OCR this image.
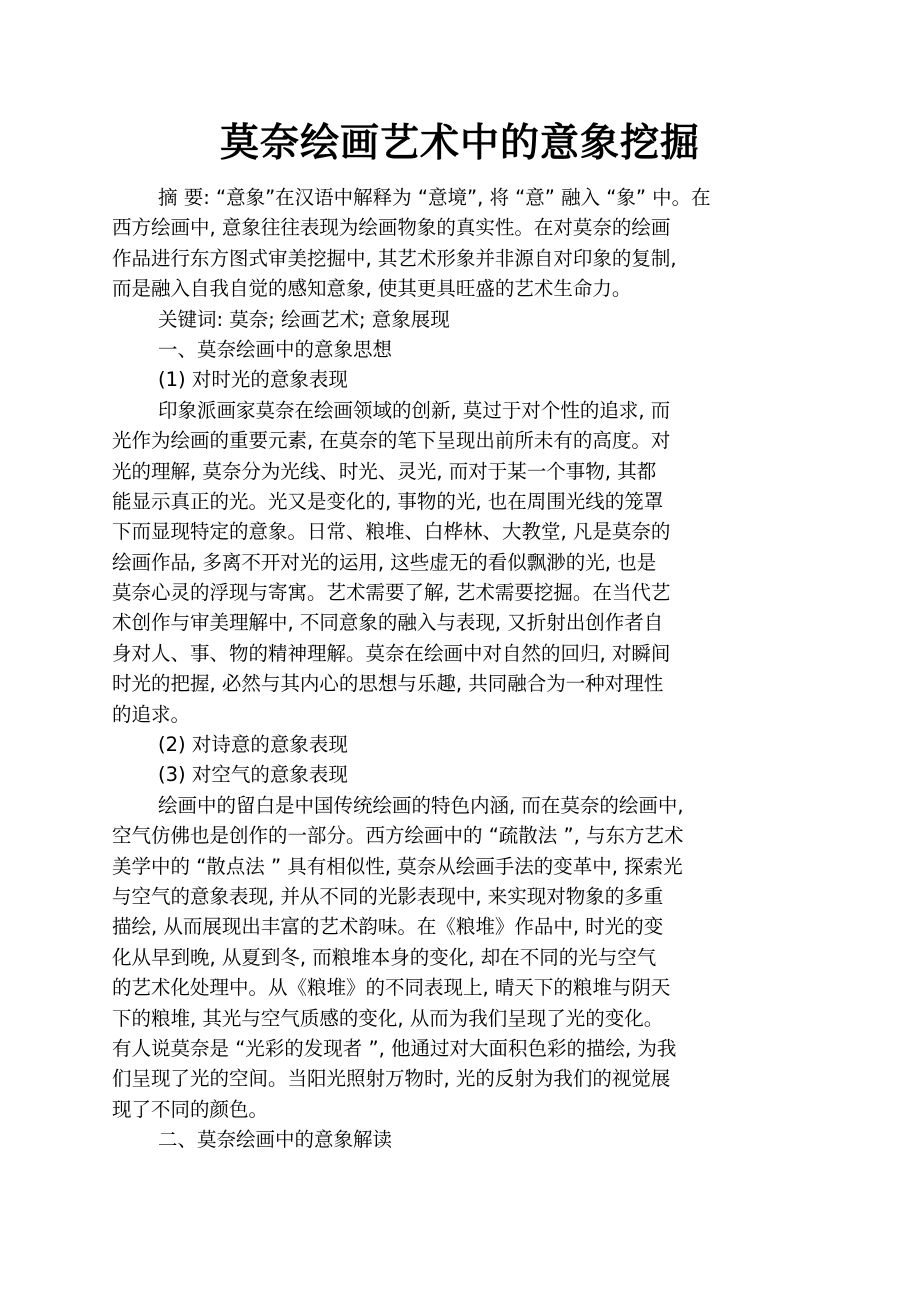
莫奈绘画艺术中的意象挖掘
摘 要: “意象”在汉语中解释为 “意境”, 将 “意” 融入 “象” 中。在
西方绘画中, 意象往往表现为绘画物象的真实性。在对莫奈的绘画
作品进行东方图式审美挖掘中, 其艺术形象并非源自对印象的复制,
而是融入自我自觉的感知意象, 使其更具旺盛的艺术生命力。
关键词: 莫奈; 绘画艺术; 意象展现
一、莫奈绘画中的意象思想
(1) 对时光的意象表现
印象派画家莫奈在绘画领域的创新, 莫过于对个性的追求, 而
光作为绘画的重要元素, 在莫奈的笔下呈现出前所未有的高度。对
光的理解, 莫奈分为光线、时光、灵光, 而对于某一个事物, 其都
能显示真正的光。光又是变化的, 事物的光, 也在周围光线的笼罩
下而显现特定的意象。日常、粮堆、白桦林、大教堂, 凡是莫奈的
绘画作品, 多离不开对光的运用, 这些虚无的看似飘渺的光, 也是
莫奈心灵的浮现与寄寓。艺术需要了解, 艺术需要挖掘。在当代艺
术创作与审美理解中, 不同意象的融入与表现, 又折射出创作者自
身对人、事、物的精神理解。莫奈在绘画中对自然的回归, 对瞬间
时光的把握, 必然与其内心的思想与乐趣, 共同融合为一种对理性
的追求。
(2) 对诗意的意象表现
(3) 对空气的意象表现
绘画中的留白是中国传统绘画的特色内涵, 而在莫奈的绘画中,
空气仿佛也是创作的一部分。西方绘画中的 “疏散法 ”, 与东方艺术
美学中的 “散点法 ” 具有相似性, 莫奈从绘画手法的变革中, 探索光
与空气的意象表现, 并从不同的光影表现中, 来实现对物象的多重
描绘, 从而展现出丰富的艺术韵味。在《粮堆》作品中, 时光的变
化从早到晚, 从夏到冬, 而粮堆本身的变化, 却在不同的光与空气
的艺术化处理中。从《粮堆》的不同表现上, 晴天下的粮堆与阴天
下的粮堆, 其光与空气质感的变化, 从而为我们呈现了光的变化。
有人说莫奈是 “光彩的发现者 ”, 他通过对大面积色彩的描绘, 为我
们呈现了光的空间。当阳光照射万物时, 光的反射为我们的视觉展
现了不同的颜色。
二、莫奈绘画中的意象解读
